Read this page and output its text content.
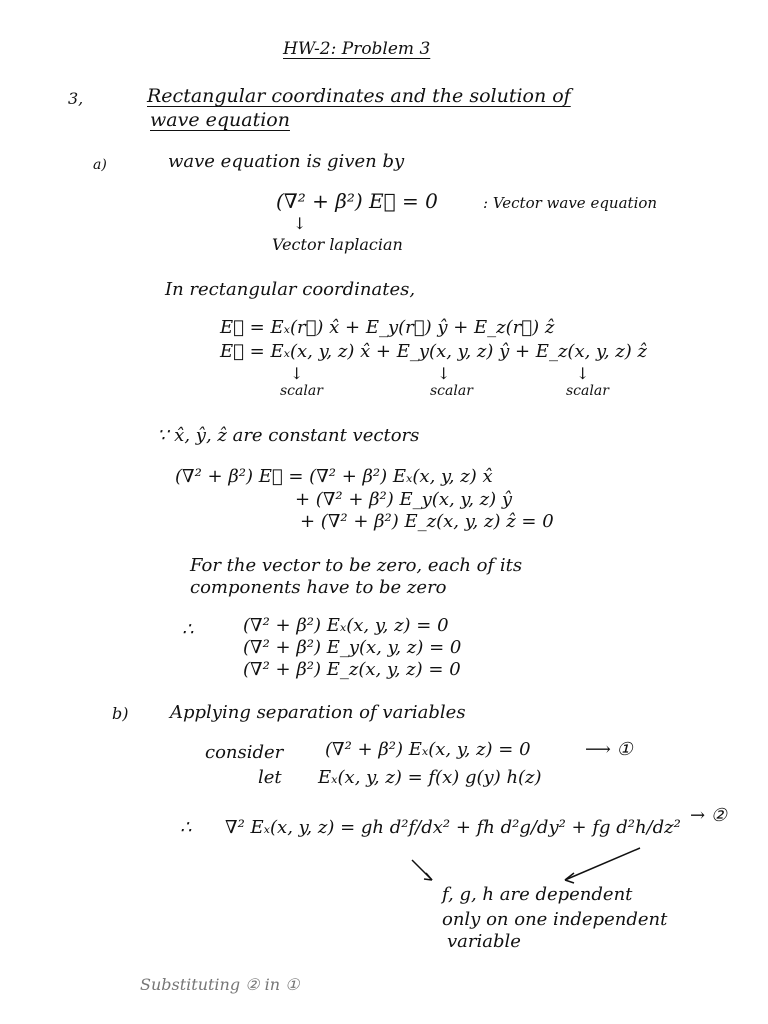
HW-2: Problem 3
3,	Rectangular coordinates and the solution of
wave equation
a)	wave equation is given by
(∇² + β²) E⃗ = 0	: Vector wave equation
↓
Vector laplacian
In rectangular coordinates,
E⃗ = Eₓ(r⃗) x̂ + E_y(r⃗) ŷ + E_z(r⃗) ẑ
E⃗ = Eₓ(x, y, z) x̂ + E_y(x, y, z) ŷ + E_z(x, y, z) ẑ
↓	↓	↓
scalar	scalar	scalar
∵ x̂, ŷ, ẑ are constant vectors
(∇² + β²) E⃗ = (∇² + β²) Eₓ(x, y, z) x̂
+ (∇² + β²) E_y(x, y, z) ŷ
+ (∇² + β²) E_z(x, y, z) ẑ = 0
For the vector to be zero, each of its
components have to be zero
∴	(∇² + β²) Eₓ(x, y, z) = 0
(∇² + β²) E_y(x, y, z) = 0
(∇² + β²) E_z(x, y, z) = 0
b) Applying separation of variables
consider (∇² + β²) Eₓ(x, y, z) = 0	⟶ ①
let Eₓ(x, y, z) = f(x) g(y) h(z)
∴ ∇² Eₓ(x, y, z) = gh d²f/dx² + fh d²g/dy² + fg d²h/dz²
→ ②
f, g, h are dependent
only on one independent
variable
Substituting ② in ①
